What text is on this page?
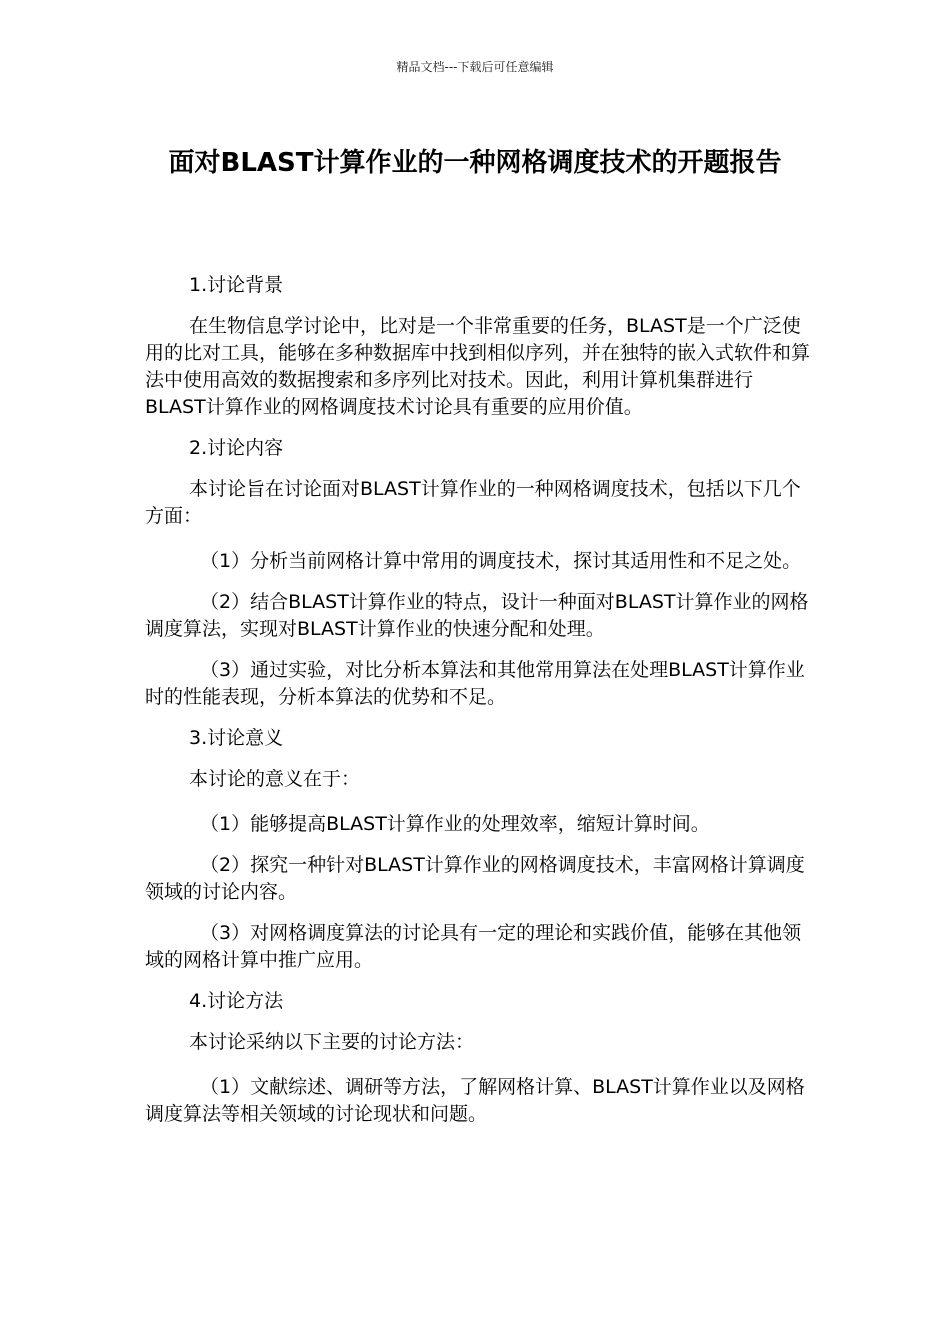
精品文档---下载后可任意编辑
面对BLAST计算作业的一种网格调度技术的开题报告

1.讨论背景

在生物信息学讨论中，比对是一个非常重要的任务，BLAST是一个广泛使用的比对工具，能够在多种数据库中找到相似序列，并在独特的嵌入式软件和算法中使用高效的数据搜索和多序列比对技术。因此，利用计算机集群进行BLAST计算作业的网格调度技术讨论具有重要的应用价值。

2.讨论内容

本讨论旨在讨论面对BLAST计算作业的一种网格调度技术，包括以下几个方面：

（1）分析当前网格计算中常用的调度技术，探讨其适用性和不足之处。

（2）结合BLAST计算作业的特点，设计一种面对BLAST计算作业的网格调度算法，实现对BLAST计算作业的快速分配和处理。

（3）通过实验，对比分析本算法和其他常用算法在处理BLAST计算作业时的性能表现，分析本算法的优势和不足。

3.讨论意义

本讨论的意义在于：

（1）能够提高BLAST计算作业的处理效率，缩短计算时间。

（2）探究一种针对BLAST计算作业的网格调度技术，丰富网格计算调度领域的讨论内容。

（3）对网格调度算法的讨论具有一定的理论和实践价值，能够在其他领域的网格计算中推广应用。

4.讨论方法

本讨论采纳以下主要的讨论方法：

（1）文献综述、调研等方法，了解网格计算、BLAST计算作业以及网格调度算法等相关领域的讨论现状和问题。
